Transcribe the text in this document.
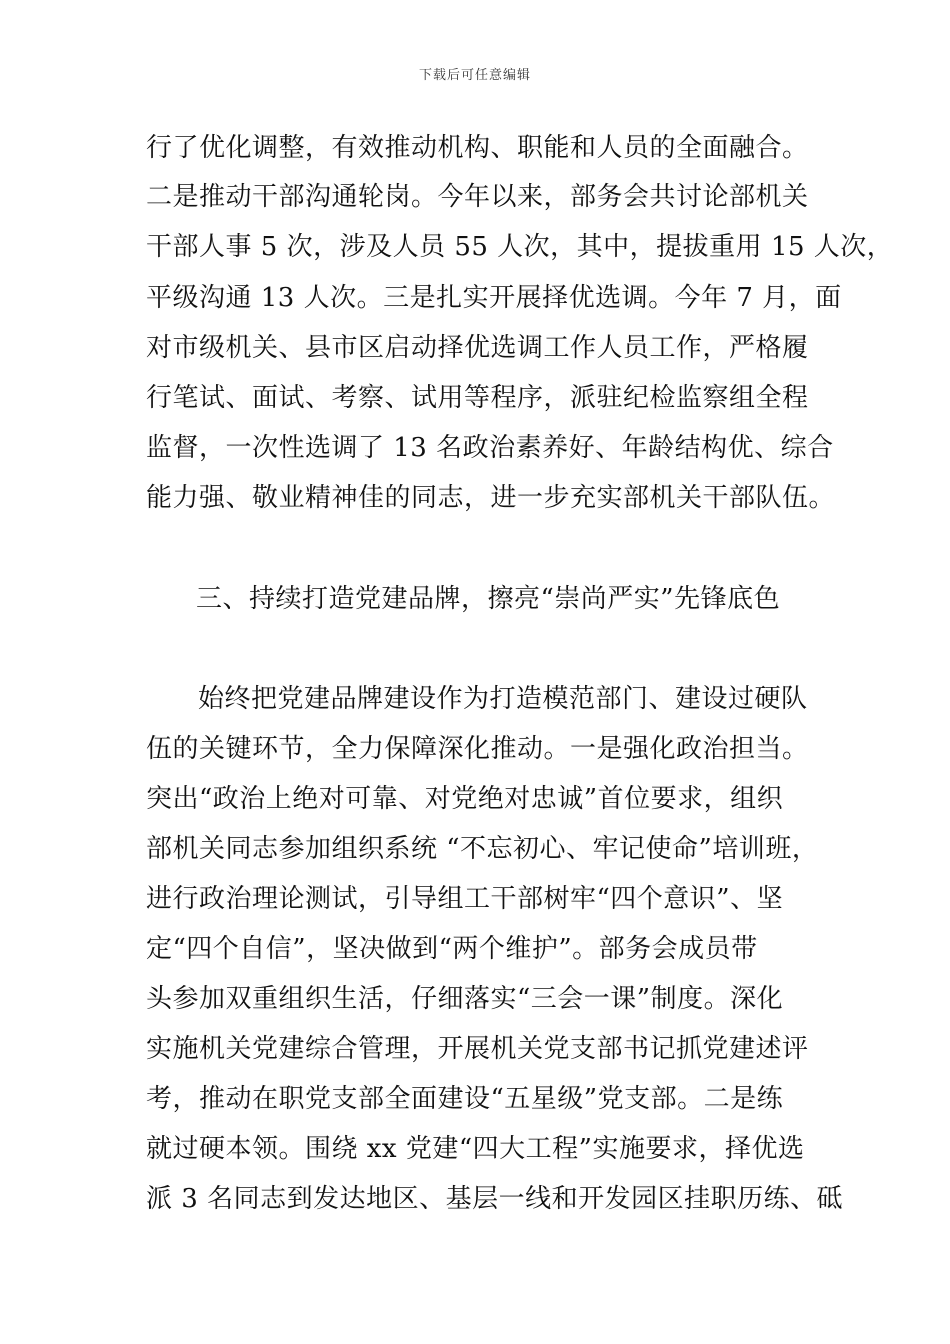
下载后可任意编辑
行了优化调整，有效推动机构、职能和人员的全面融合。
二是推动干部沟通轮岗。今年以来，部务会共讨论部机关
干部人事 5 次，涉及人员 55 人次，其中，提拔重用 15 人次，
平级沟通 13 人次。三是扎实开展择优选调。今年 7 月，面
对市级机关、县市区启动择优选调工作人员工作，严格履
行笔试、面试、考察、试用等程序，派驻纪检监察组全程
监督，一次性选调了 13 名政治素养好、年龄结构优、综合
能力强、敬业精神佳的同志，进一步充实部机关干部队伍。
三、持续打造党建品牌，擦亮“崇尚严实”先锋底色
始终把党建品牌建设作为打造模范部门、建设过硬队
伍的关键环节，全力保障深化推动。一是强化政治担当。
突出“政治上绝对可靠、对党绝对忠诚”首位要求，组织
部机关同志参加组织系统 “不忘初心、牢记使命”培训班，
进行政治理论测试，引导组工干部树牢“四个意识”、坚
定“四个自信”，坚决做到“两个维护”。部务会成员带
头参加双重组织生活，仔细落实“三会一课”制度。深化
实施机关党建综合管理，开展机关党支部书记抓党建述评
考，推动在职党支部全面建设“五星级”党支部。二是练
就过硬本领。围绕 xx 党建“四大工程”实施要求，择优选
派 3 名同志到发达地区、基层一线和开发园区挂职历练、砥
